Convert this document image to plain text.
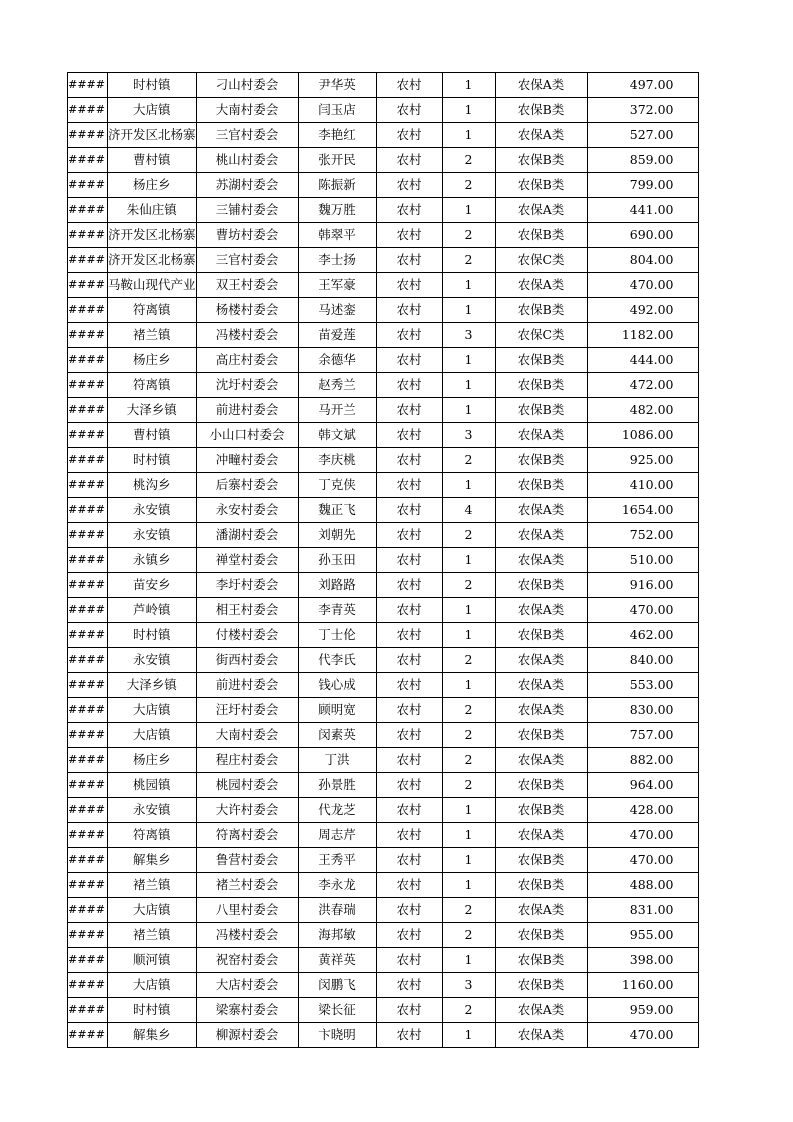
####	时村镇	刁山村委会	尹华英	农村	1	农保A类	497.00
####	大店镇	大南村委会	闫玉店	农村	1	农保B类	372.00
####	济开发区北杨寨	三官村委会	李艳红	农村	1	农保A类	527.00
####	曹村镇	桃山村委会	张开民	农村	2	农保B类	859.00
####	杨庄乡	苏湖村委会	陈振新	农村	2	农保B类	799.00
####	朱仙庄镇	三铺村委会	魏万胜	农村	1	农保A类	441.00
####	济开发区北杨寨	曹坊村委会	韩翠平	农村	2	农保B类	690.00
####	济开发区北杨寨	三官村委会	李士扬	农村	2	农保C类	804.00
####	马鞍山现代产业	双王村委会	王军豪	农村	1	农保A类	470.00
####	符离镇	杨楼村委会	马述銮	农村	1	农保B类	492.00
####	褚兰镇	冯楼村委会	苗爱莲	农村	3	农保C类	1182.00
####	杨庄乡	高庄村委会	余德华	农村	1	农保B类	444.00
####	符离镇	沈圩村委会	赵秀兰	农村	1	农保B类	472.00
####	大泽乡镇	前进村委会	马开兰	农村	1	农保B类	482.00
####	曹村镇	小山口村委会	韩文斌	农村	3	农保A类	1086.00
####	时村镇	冲疃村委会	李庆桃	农村	2	农保B类	925.00
####	桃沟乡	后寨村委会	丁克侠	农村	1	农保B类	410.00
####	永安镇	永安村委会	魏正飞	农村	4	农保A类	1654.00
####	永安镇	潘湖村委会	刘朝先	农村	2	农保A类	752.00
####	永镇乡	禅堂村委会	孙玉田	农村	1	农保A类	510.00
####	苗安乡	李圩村委会	刘路路	农村	2	农保B类	916.00
####	芦岭镇	相王村委会	李青英	农村	1	农保A类	470.00
####	时村镇	付楼村委会	丁士伦	农村	1	农保B类	462.00
####	永安镇	街西村委会	代李氏	农村	2	农保A类	840.00
####	大泽乡镇	前进村委会	钱心成	农村	1	农保A类	553.00
####	大店镇	汪圩村委会	顾明宽	农村	2	农保A类	830.00
####	大店镇	大南村委会	闵素英	农村	2	农保B类	757.00
####	杨庄乡	程庄村委会	丁洪	农村	2	农保A类	882.00
####	桃园镇	桃园村委会	孙景胜	农村	2	农保B类	964.00
####	永安镇	大许村委会	代龙芝	农村	1	农保B类	428.00
####	符离镇	符离村委会	周志芹	农村	1	农保A类	470.00
####	解集乡	鲁营村委会	王秀平	农村	1	农保B类	470.00
####	褚兰镇	褚兰村委会	李永龙	农村	1	农保B类	488.00
####	大店镇	八里村委会	洪春瑞	农村	2	农保A类	831.00
####	褚兰镇	冯楼村委会	海邦敏	农村	2	农保B类	955.00
####	顺河镇	祝窑村委会	黄祥英	农村	1	农保B类	398.00
####	大店镇	大店村委会	闵鹏飞	农村	3	农保B类	1160.00
####	时村镇	梁寨村委会	梁长征	农村	2	农保A类	959.00
####	解集乡	柳源村委会	卞晓明	农村	1	农保A类	470.00
